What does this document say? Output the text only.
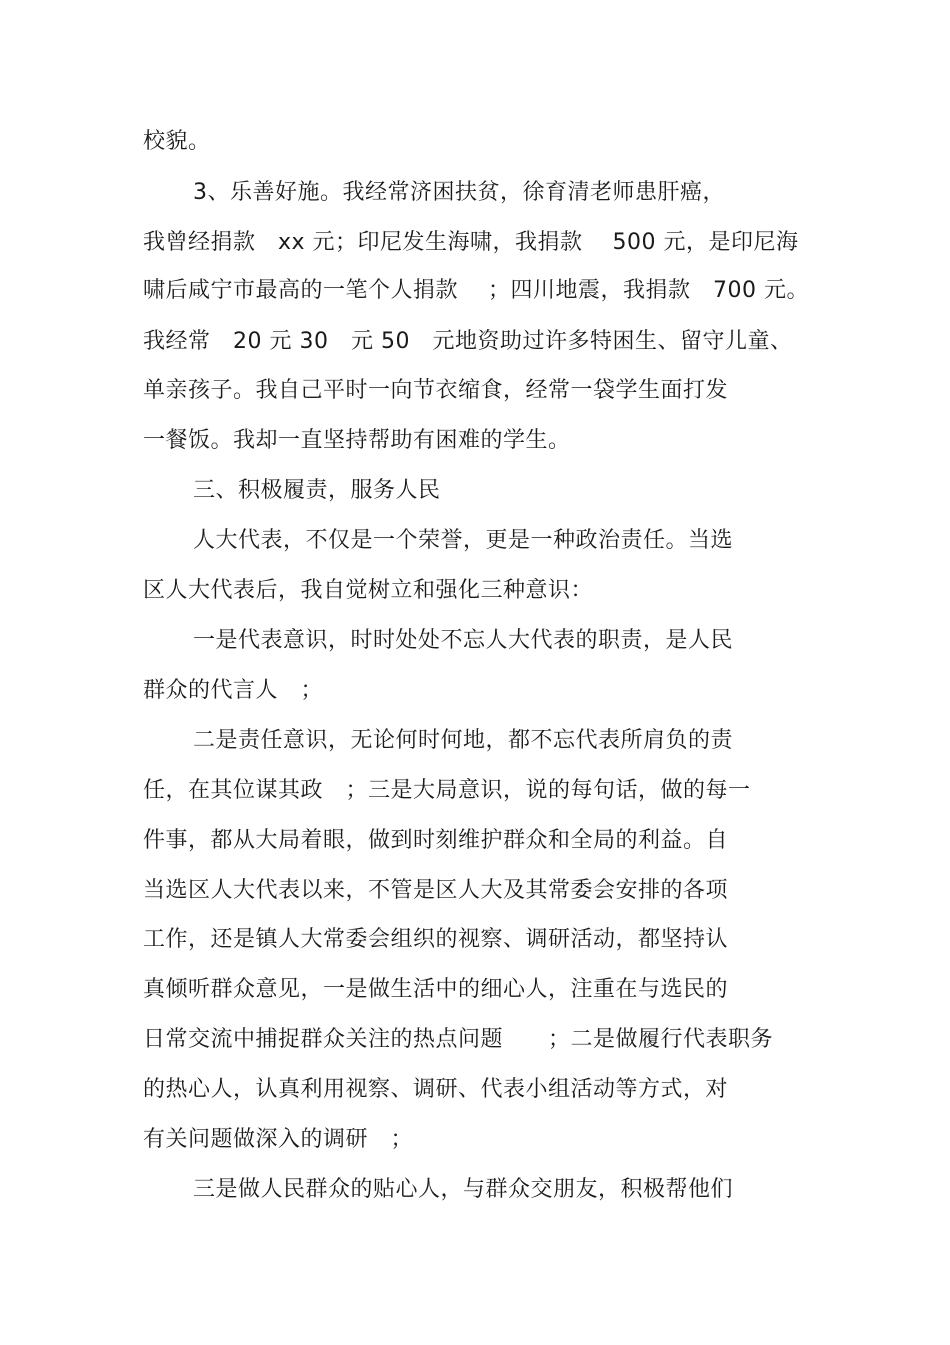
校貌。
3、乐善好施。我经常济困扶贫，徐育清老师患肝癌，
我曾经捐款　xx 元；印尼发生海啸，我捐款　 500 元，是印尼海
啸后咸宁市最高的一笔个人捐款　 ；四川地震，我捐款　700 元。
我经常　20 元 30　元 50　元地资助过许多特困生、留守儿童、
单亲孩子。我自己平时一向节衣缩食，经常一袋学生面打发
一餐饭。我却一直坚持帮助有困难的学生。
三、积极履责，服务人民
人大代表，不仅是一个荣誉，更是一种政治责任。当选
区人大代表后，我自觉树立和强化三种意识：
一是代表意识，时时处处不忘人大代表的职责，是人民
群众的代言人　；
二是责任意识，无论何时何地，都不忘代表所肩负的责
任，在其位谋其政　；三是大局意识，说的每句话，做的每一
件事，都从大局着眼，做到时刻维护群众和全局的利益。自
当选区人大代表以来，不管是区人大及其常委会安排的各项
工作，还是镇人大常委会组织的视察、调研活动，都坚持认
真倾听群众意见，一是做生活中的细心人，注重在与选民的
日常交流中捕捉群众关注的热点问题　　；二是做履行代表职务
的热心人，认真利用视察、调研、代表小组活动等方式，对
有关问题做深入的调研　；
三是做人民群众的贴心人，与群众交朋友，积极帮他们
